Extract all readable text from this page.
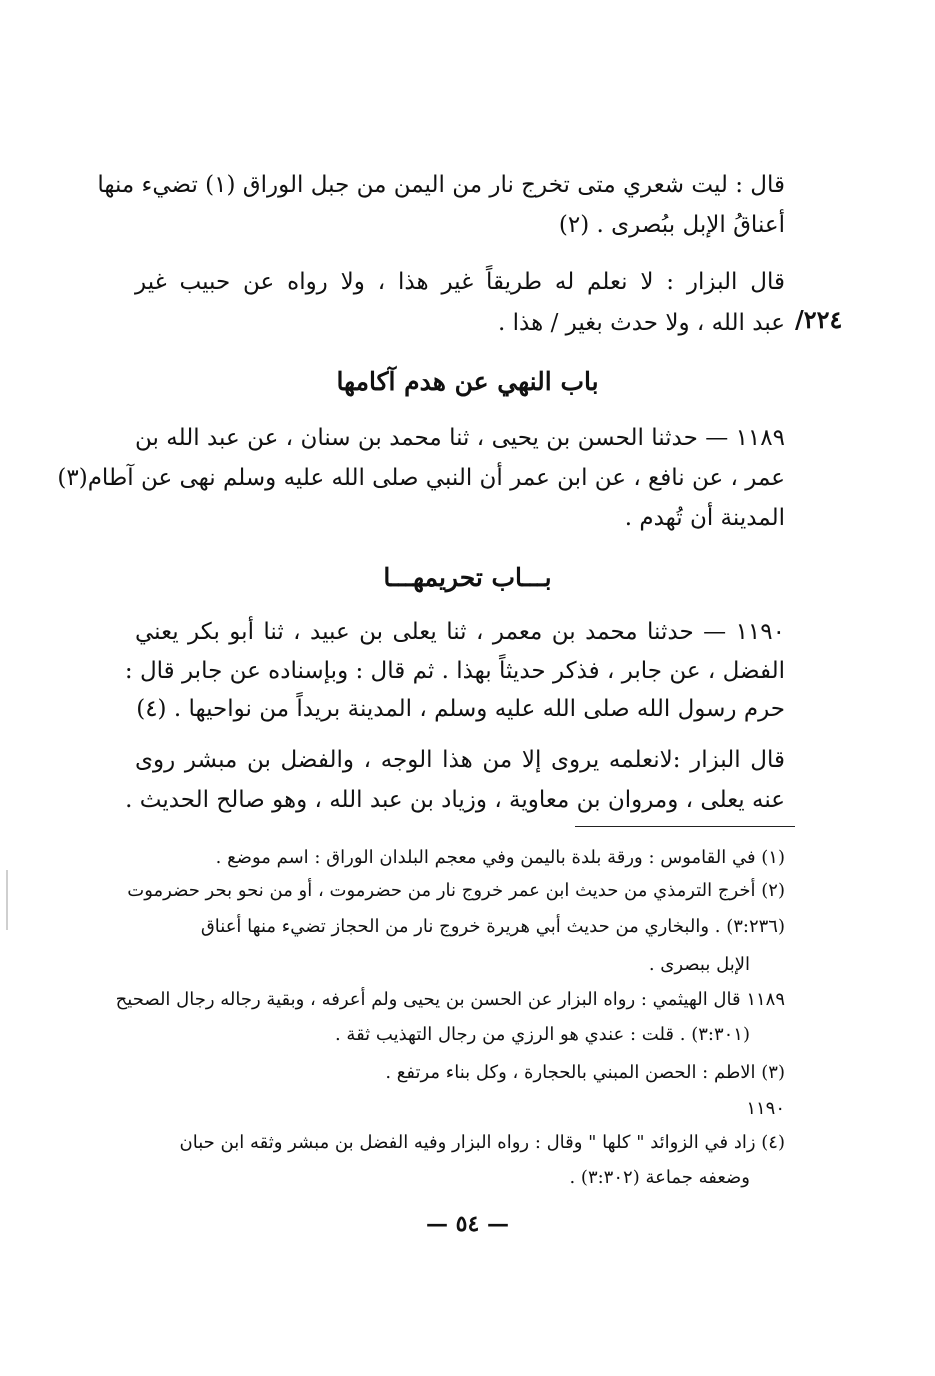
قال : ليت شعري متى تخرج نار من اليمن من جبل الوراق (١) تضيء منها
أعناقُ الإبل ببُصرى . (٢)
قال البزار : لا نعلم له طريقاً غير هذا ، ولا رواه عن حبيب غير
عبد الله ، ولا حدث بغير / هذا . ٢٢٤/
باب النهي عن هدم آكامها
١١٨٩ — حدثنا الحسن بن يحيى ، ثنا محمد بن سنان ، عن عبد الله بن
عمر ، عن نافع ، عن ابن عمر أن النبي صلى الله عليه وسلم نهى عن آطام(٣)
المدينة أن تُهدم .
بـــاب تحريمهـــا
١١٩٠ — حدثنا محمد بن معمر ، ثنا يعلى بن عبيد ، ثنا أبو بكر يعني
الفضل ، عن جابر ، فذكر حديثاً بهذا . ثم قال : وبإسناده عن جابر قال :
حرم رسول الله صلى الله عليه وسلم ، المدينة بريداً من نواحيها . (٤)
قال البزار :لانعلمه يروى إلا من هذا الوجه ، والفضل بن مبشر روى
عنه يعلى ، ومروان بن معاوية ، وزياد بن عبد الله ، وهو صالح الحديث .
(١) في القاموس : ورقة بلدة باليمن وفي معجم البلدان الوراق : اسم موضع .
(٢) أخرج الترمذي من حديث ابن عمر خروج نار من حضرموت ، أو من نحو بحر حضرموت
(٣:٢٣٦) . والبخاري من حديث أبي هريرة خروج نار من الحجاز تضيء منها أعناق
الإبل ببصرى .
١١٨٩ قال الهيثمي : رواه البزار عن الحسن بن يحيى ولم أعرفه ، وبقية رجاله رجال الصحيح
(٣:٣٠١) . قلت : عندي هو الرزي من رجال التهذيب ثقة .
(٣) الاطم : الحصن المبني بالحجارة ، وكل بناء مرتفع .
١١٩٠
(٤) زاد في الزوائد " كلها " وقال : رواه البزار وفيه الفضل بن مبشر وثقه ابن حبان
وضعفه جماعة (٣:٣٠٢) .
— ٥٤ —
